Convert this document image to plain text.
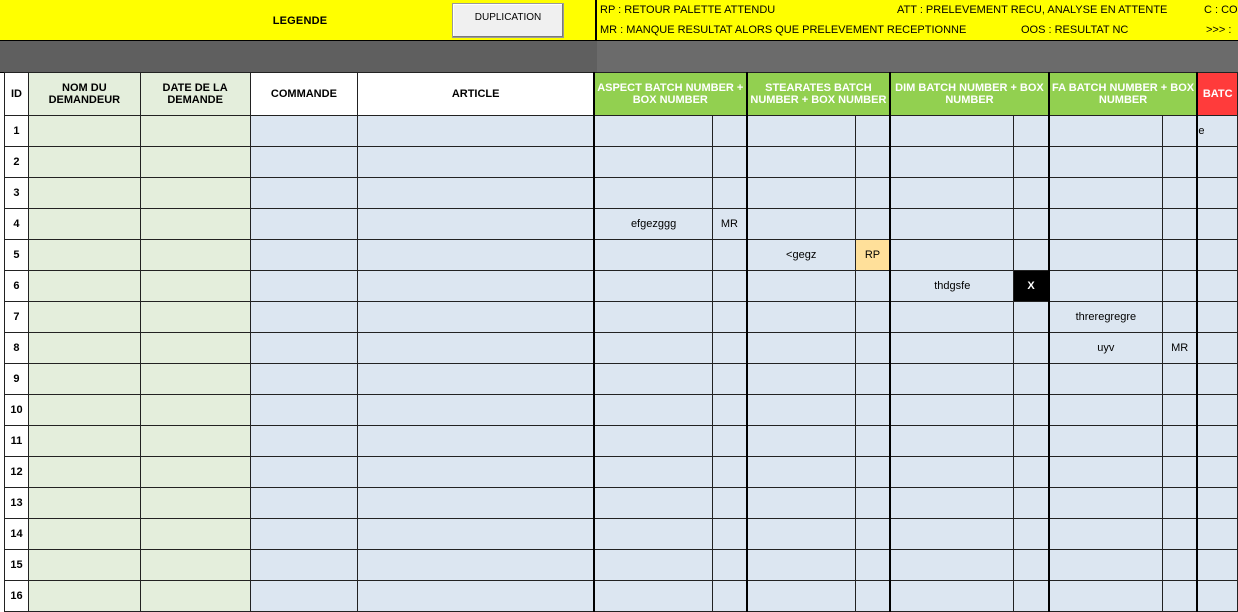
LEGENDE	DUPLICATION
RP : RETOUR PALETTE ATTENDU	ATT : PRELEVEMENT RECU, ANALYSE EN ATTENTE	C : CO
MR : MANQUE RESULTAT ALORS QUE PRELEVEMENT RECEPTIONNE	OOS : RESULTAT NC	>>> :
ID	NOM DU DEMANDEUR	DATE DE LA DEMANDE	COMMANDE	ARTICLE	ASPECT BATCH NUMBER + BOX NUMBER		STEARATES BATCH NUMBER + BOX NUMBER		DIM BATCH NUMBER + BOX NUMBER		FA BATCH NUMBER + BOX NUMBER		BATC
1													e
2													
3													
4					efgezggg	MR							
5							<gegz	RP					
6									thdgsfe	X			
7											threregregre		
8											uyv	MR	
9													
10													
11													
12													
13													
14													
15													
16													
